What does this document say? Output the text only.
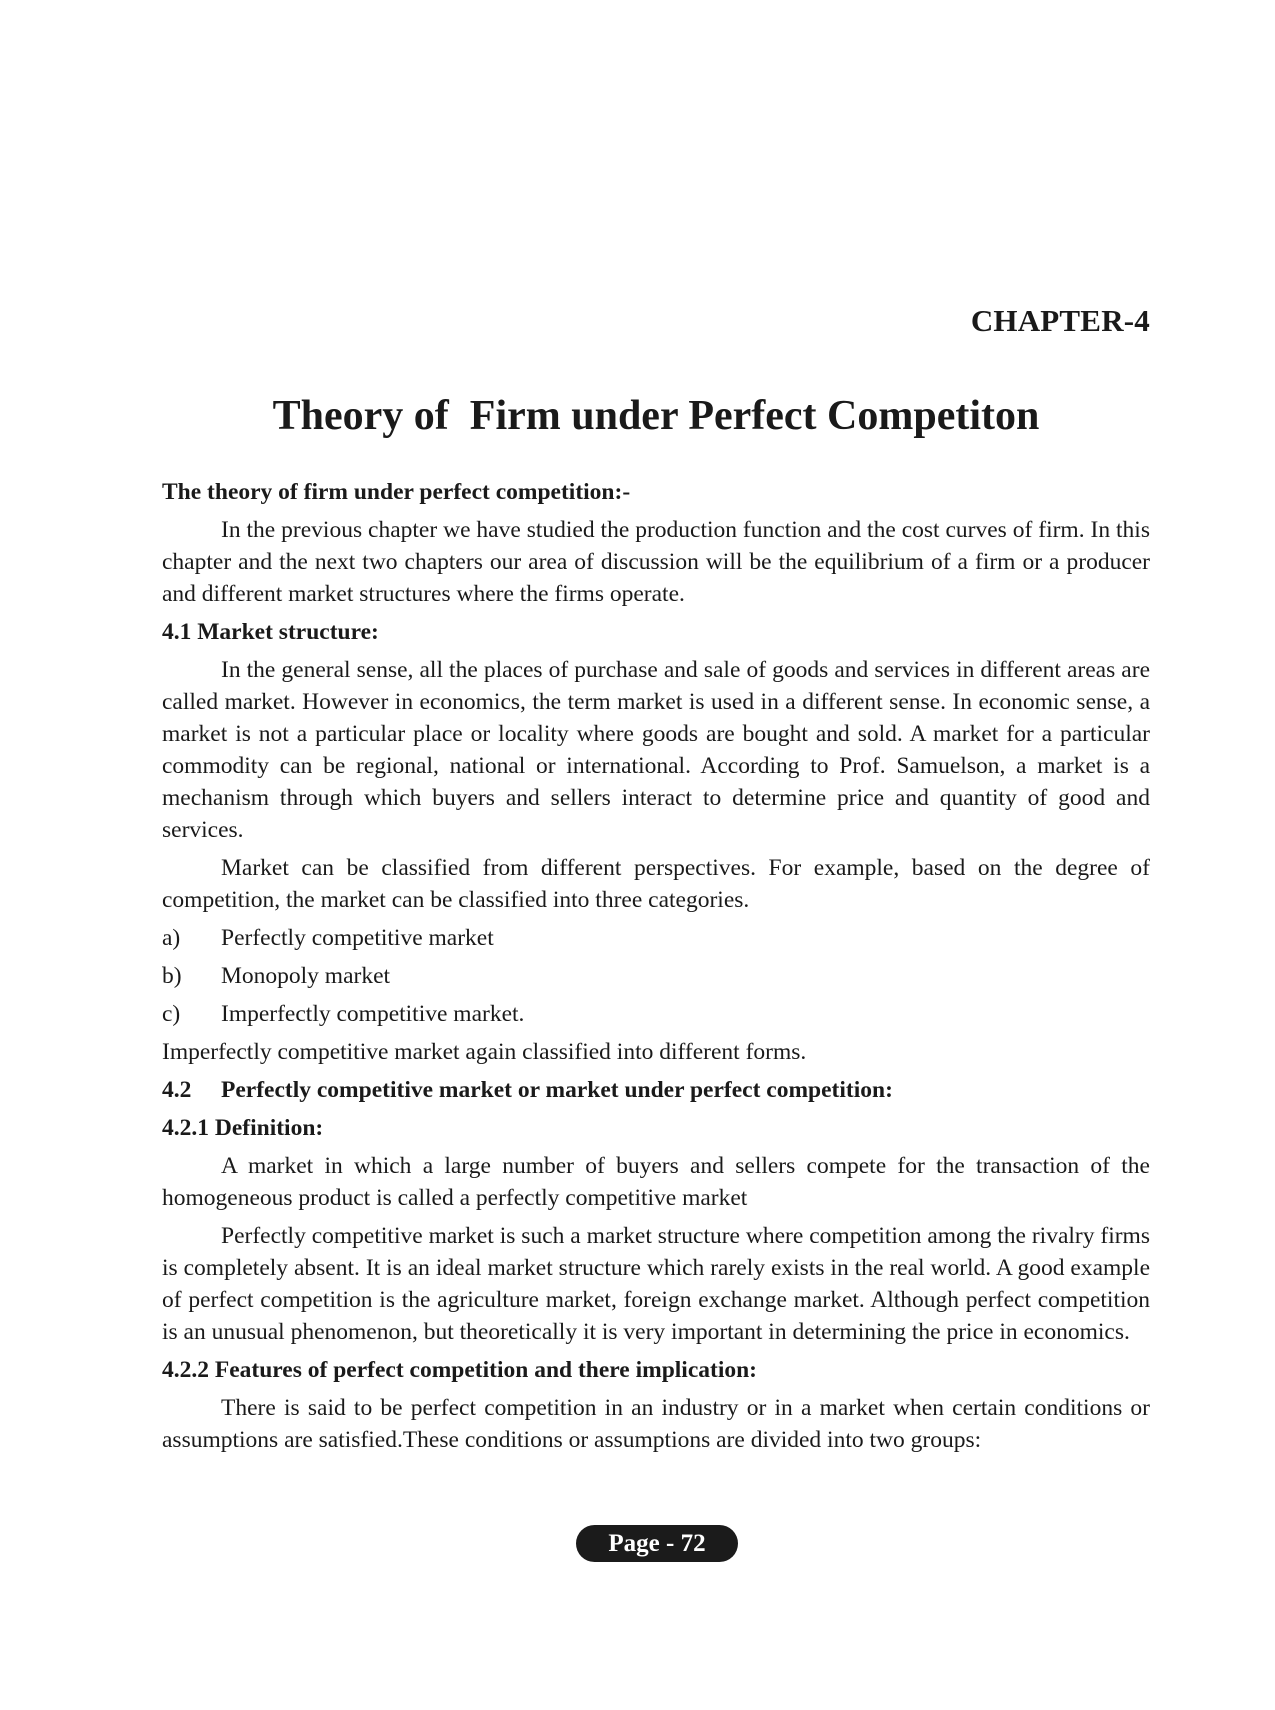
CHAPTER-4
Theory of  Firm under Perfect Competiton

The theory of firm under perfect competition:-

In the previous chapter we have studied the production function and the cost curves of firm. In this chapter and the next two chapters our area of discussion will be the equilibrium of a firm or a producer and different market structures where the firms operate.

4.1 Market structure:

In the general sense, all the places of purchase and sale of goods and services in different areas are called market. However in economics, the term market is used in a different sense. In economic sense, a market is not a particular place or locality where goods are bought and sold. A market for a particular commodity can be regional, national or international. According to Prof. Samuelson, a market is a mechanism through which buyers and sellers interact to determine price and quantity of good and services.

Market can be classified from different perspectives. For example, based on the degree of competition, the market can be classified into three categories.

a)	Perfectly competitive market
b)	Monopoly market
c)	Imperfectly competitive market.

Imperfectly competitive market again classified into different forms.

4.2 Perfectly competitive market or market under perfect competition:

4.2.1 Definition:

A market in which a large number of buyers and sellers compete for the transaction of the homogeneous product is called a perfectly competitive market

Perfectly competitive market is such a market structure where competition among the rivalry firms is completely absent. It is an ideal market structure which rarely exists in the real world. A good example of perfect competition is the agriculture market, foreign exchange market. Although perfect competition is an unusual phenomenon, but theoretically it is very important in determining the price in economics.

4.2.2 Features of perfect competition and there implication:

There is said to be perfect competition in an industry or in a market when certain conditions or assumptions are satisfied.These conditions or assumptions are divided into two groups:

Page - 72
